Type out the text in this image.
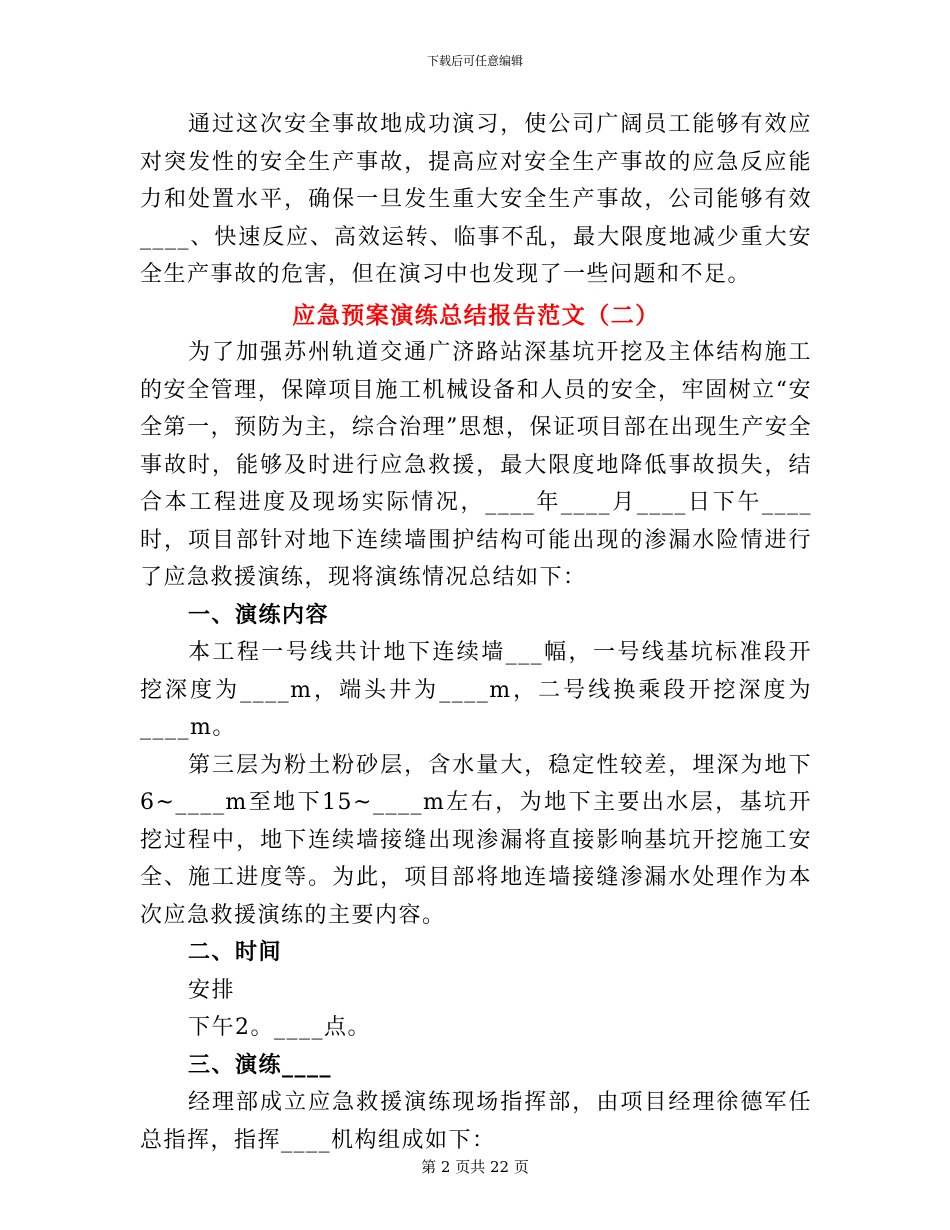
下载后可任意编辑

通过这次安全事故地成功演习，使公司广阔员工能够有效应对突发性的安全生产事故，提高应对安全生产事故的应急反应能力和处置水平，确保一旦发生重大安全生产事故，公司能够有效____、快速反应、高效运转、临事不乱，最大限度地减少重大安全生产事故的危害，但在演习中也发现了一些问题和不足。

应急预案演练总结报告范文（二）

为了加强苏州轨道交通广济路站深基坑开挖及主体结构施工的安全管理，保障项目施工机械设备和人员的安全，牢固树立“安全第一，预防为主，综合治理”思想，保证项目部在出现生产安全事故时，能够及时进行应急救援，最大限度地降低事故损失，结合本工程进度及现场实际情况，____年____月____日下午____时，项目部针对地下连续墙围护结构可能出现的渗漏水险情进行了应急救援演练，现将演练情况总结如下：

一、演练内容

本工程一号线共计地下连续墙___幅，一号线基坑标准段开挖深度为____m，端头井为____m，二号线换乘段开挖深度为____m。

第三层为粉土粉砂层，含水量大，稳定性较差，埋深为地下6~____m至地下15~____m左右，为地下主要出水层，基坑开挖过程中，地下连续墙接缝出现渗漏将直接影响基坑开挖施工安全、施工进度等。为此，项目部将地连墙接缝渗漏水处理作为本次应急救援演练的主要内容。

二、时间

安排

下午2。____点。

三、演练____

经理部成立应急救援演练现场指挥部，由项目经理徐德军任总指挥，指挥____机构组成如下：

第 2 页共 22 页
